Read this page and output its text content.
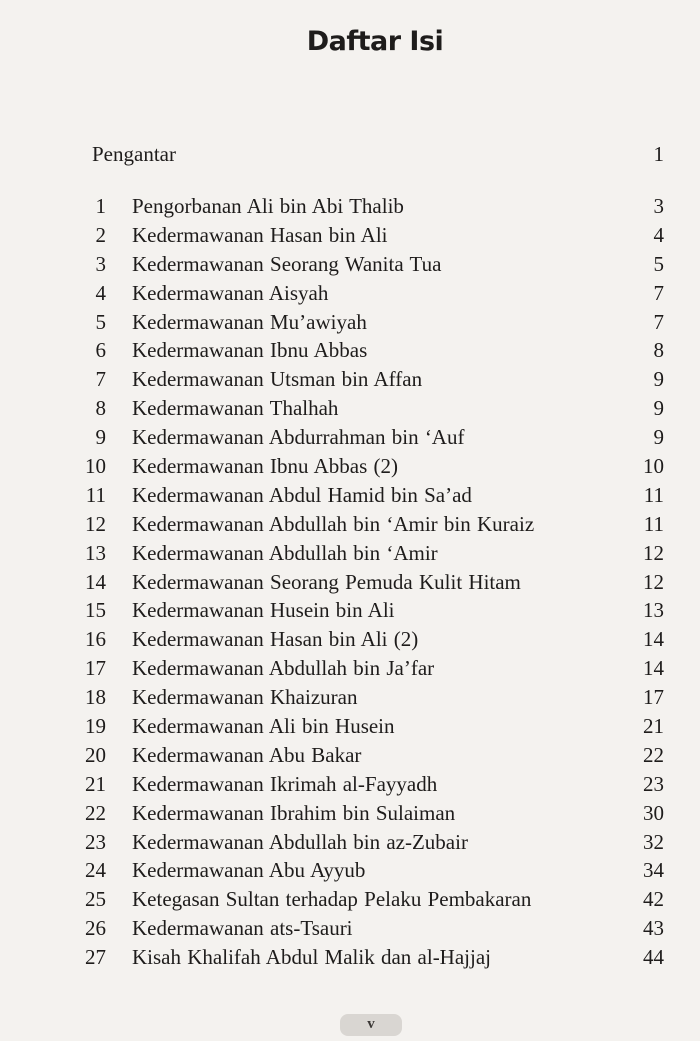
Daftar Isi
Pengantar	1
1 Pengorbanan Ali bin Abi Thalib	3
2 Kedermawanan Hasan bin Ali	4
3 Kedermawanan Seorang Wanita Tua	5
4 Kedermawanan Aisyah	7
5 Kedermawanan Mu’awiyah	7
6 Kedermawanan Ibnu Abbas	8
7 Kedermawanan Utsman bin Affan	9
8 Kedermawanan Thalhah	9
9 Kedermawanan Abdurrahman bin ‘Auf	9
10 Kedermawanan Ibnu Abbas (2)	10
11 Kedermawanan Abdul Hamid bin Sa’ad	11
12 Kedermawanan Abdullah bin ‘Amir bin Kuraiz	11
13 Kedermawanan Abdullah bin ‘Amir	12
14 Kedermawanan Seorang Pemuda Kulit Hitam	12
15 Kedermawanan Husein bin Ali	13
16 Kedermawanan Hasan bin Ali (2)	14
17 Kedermawanan Abdullah bin Ja’far	14
18 Kedermawanan Khaizuran	17
19 Kedermawanan Ali bin Husein	21
20 Kedermawanan Abu Bakar	22
21 Kedermawanan Ikrimah al-Fayyadh	23
22 Kedermawanan Ibrahim bin Sulaiman	30
23 Kedermawanan Abdullah bin az-Zubair	32
24 Kedermawanan Abu Ayyub	34
25 Ketegasan Sultan terhadap Pelaku Pembakaran	42
26 Kedermawanan ats-Tsauri	43
27 Kisah Khalifah Abdul Malik dan al-Hajjaj	44
v
